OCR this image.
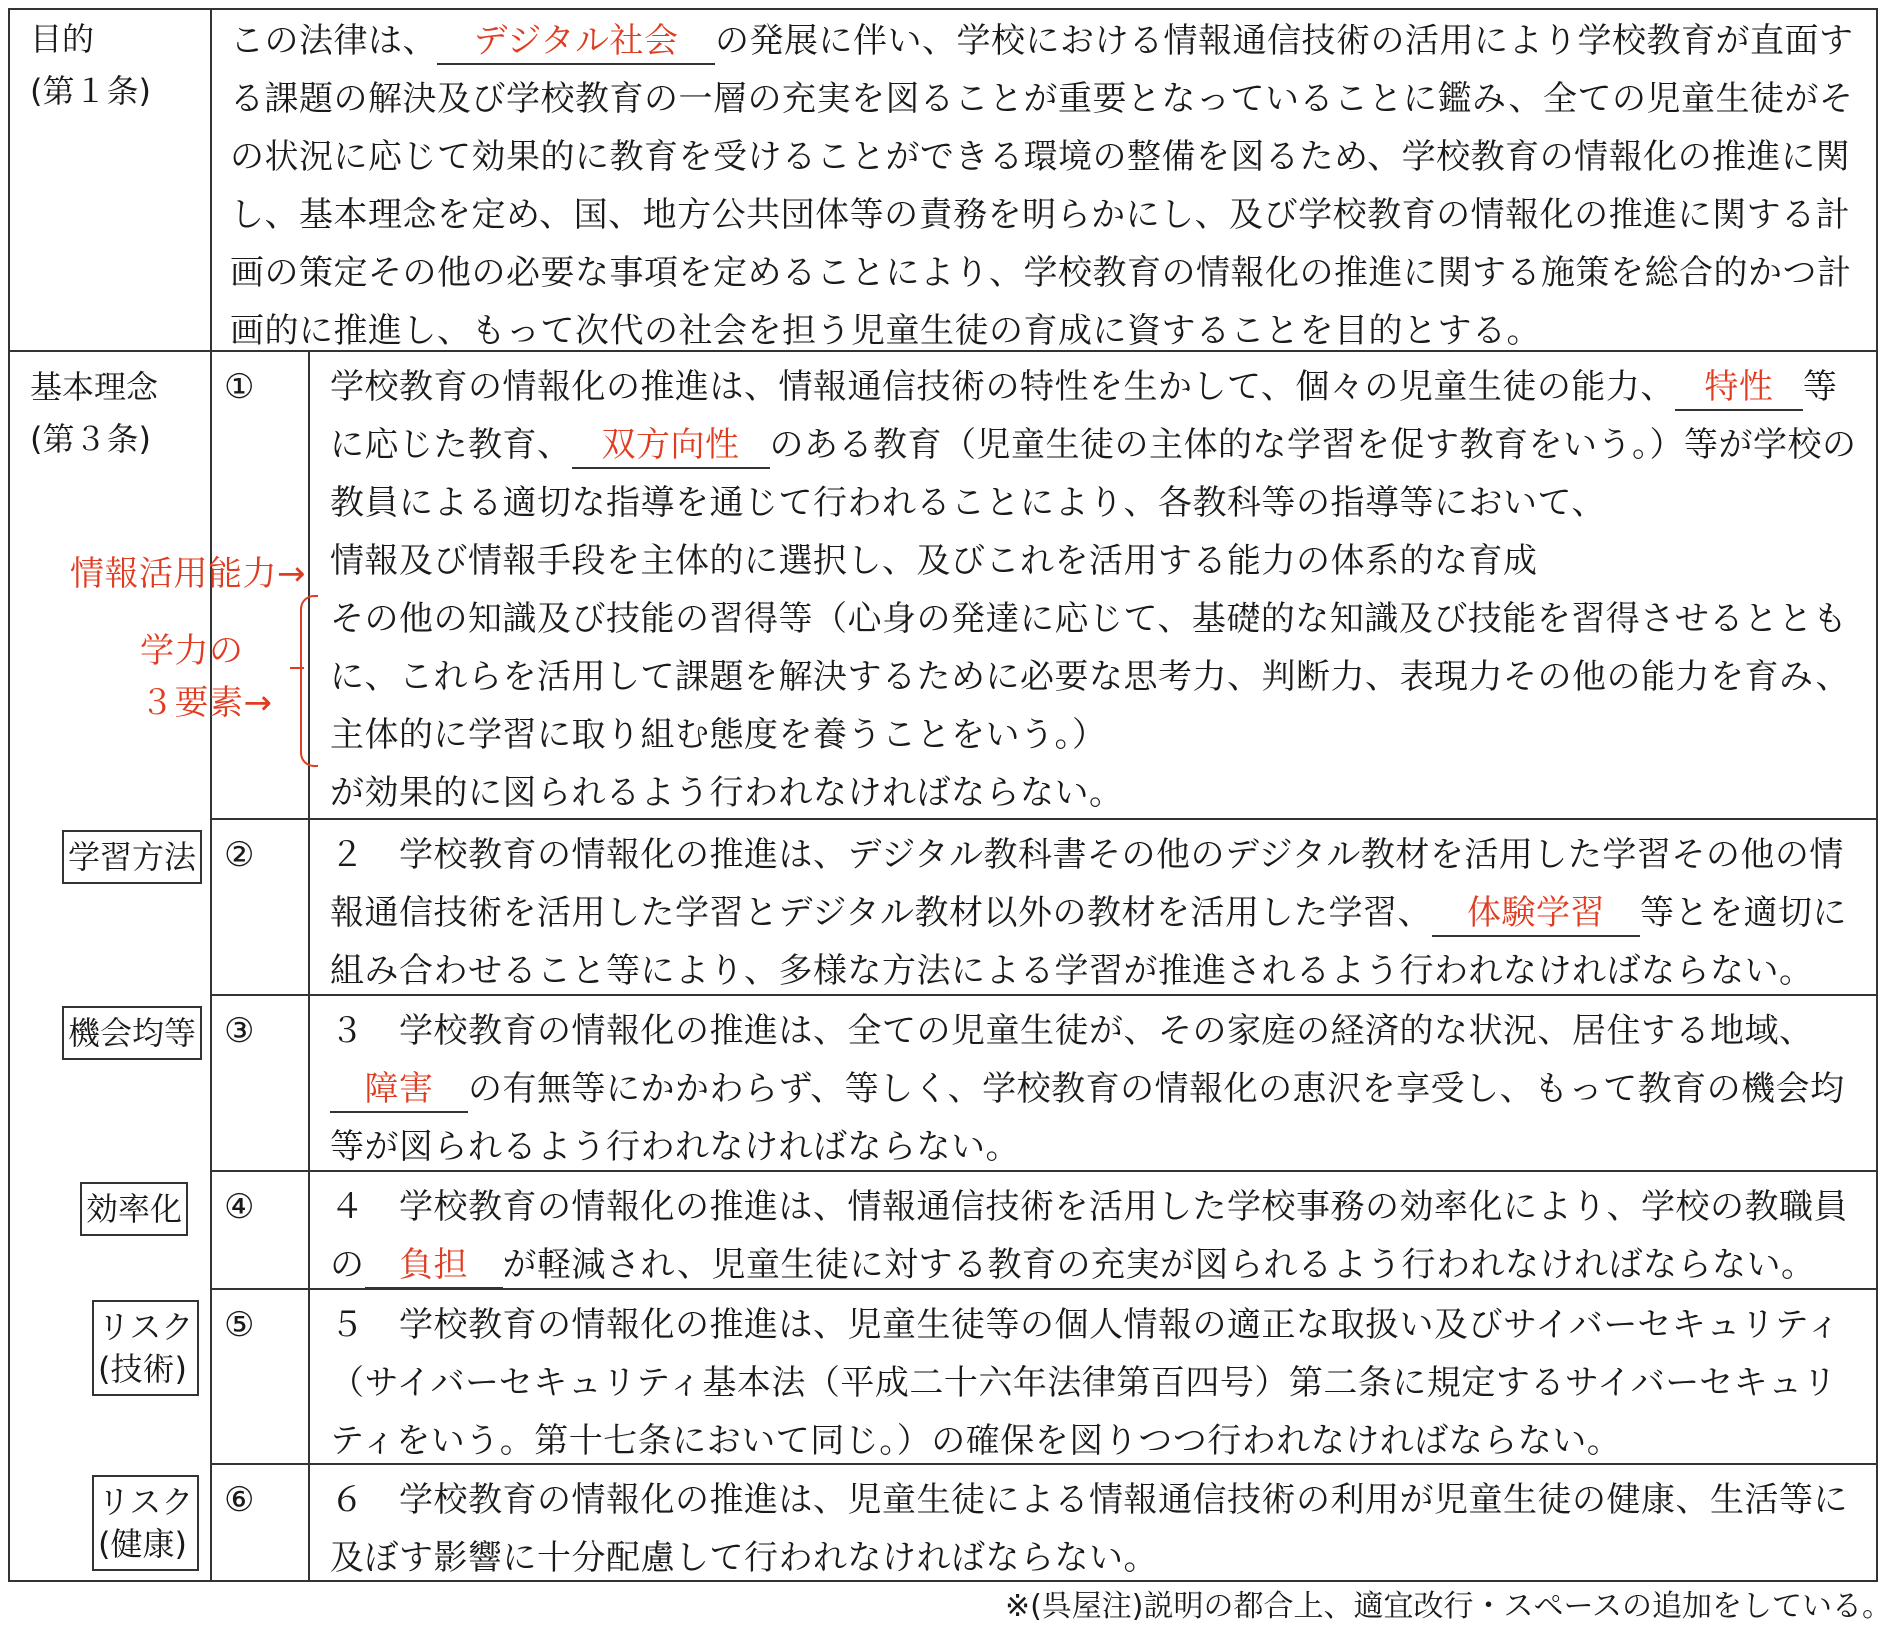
目的
(第１条)
この法律は、 デジタル社会 の発展に伴い、学校における情報通信技術の活用により学校教育が直面す
る課題の解決及び学校教育の一層の充実を図ることが重要となっていることに鑑み、全ての児童生徒がそ
の状況に応じて効果的に教育を受けることができる環境の整備を図るため、学校教育の情報化の推進に関
し、基本理念を定め、国、地方公共団体等の責務を明らかにし、及び学校教育の情報化の推進に関する計
画の策定その他の必要な事項を定めることにより、学校教育の情報化の推進に関する施策を総合的かつ計
画的に推進し、もって次代の社会を担う児童生徒の育成に資することを目的とする。
基本理念
(第３条)
① 学校教育の情報化の推進は、情報通信技術の特性を生かして、個々の児童生徒の能力、 特性 等
に応じた教育、 双方向性 のある教育（児童生徒の主体的な学習を促す教育をいう。）等が学校の
教員による適切な指導を通じて行われることにより、各教科等の指導等において、
情報及び情報手段を主体的に選択し、及びこれを活用する能力の体系的な育成
その他の知識及び技能の習得等（心身の発達に応じて、基礎的な知識及び技能を習得させるととも
に、これらを活用して課題を解決するために必要な思考力、判断力、表現力その他の能力を育み、
主体的に学習に取り組む態度を養うことをいう。）
が効果的に図られるよう行われなければならない。
情報活用能力→
学力の
３要素→
学習方法 ② ２　学校教育の情報化の推進は、デジタル教科書その他のデジタル教材を活用した学習その他の情
報通信技術を活用した学習とデジタル教材以外の教材を活用した学習、 体験学習 等とを適切に
組み合わせること等により、多様な方法による学習が推進されるよう行われなければならない。
機会均等 ③ ３　学校教育の情報化の推進は、全ての児童生徒が、その家庭の経済的な状況、居住する地域、
障害 の有無等にかかわらず、等しく、学校教育の情報化の恵沢を享受し、もって教育の機会均
等が図られるよう行われなければならない。
効率化 ④ ４　学校教育の情報化の推進は、情報通信技術を活用した学校事務の効率化により、学校の教職員
の 負担 が軽減され、児童生徒に対する教育の充実が図られるよう行われなければならない。
リスク
(技術)
⑤ ５　学校教育の情報化の推進は、児童生徒等の個人情報の適正な取扱い及びサイバーセキュリティ
（サイバーセキュリティ基本法（平成二十六年法律第百四号）第二条に規定するサイバーセキュリ
ティをいう。第十七条において同じ。）の確保を図りつつ行われなければならない。
リスク
(健康)
⑥ ６　学校教育の情報化の推進は、児童生徒による情報通信技術の利用が児童生徒の健康、生活等に
及ぼす影響に十分配慮して行われなければならない。
※(呉屋注)説明の都合上、適宜改行・スペースの追加をしている。
